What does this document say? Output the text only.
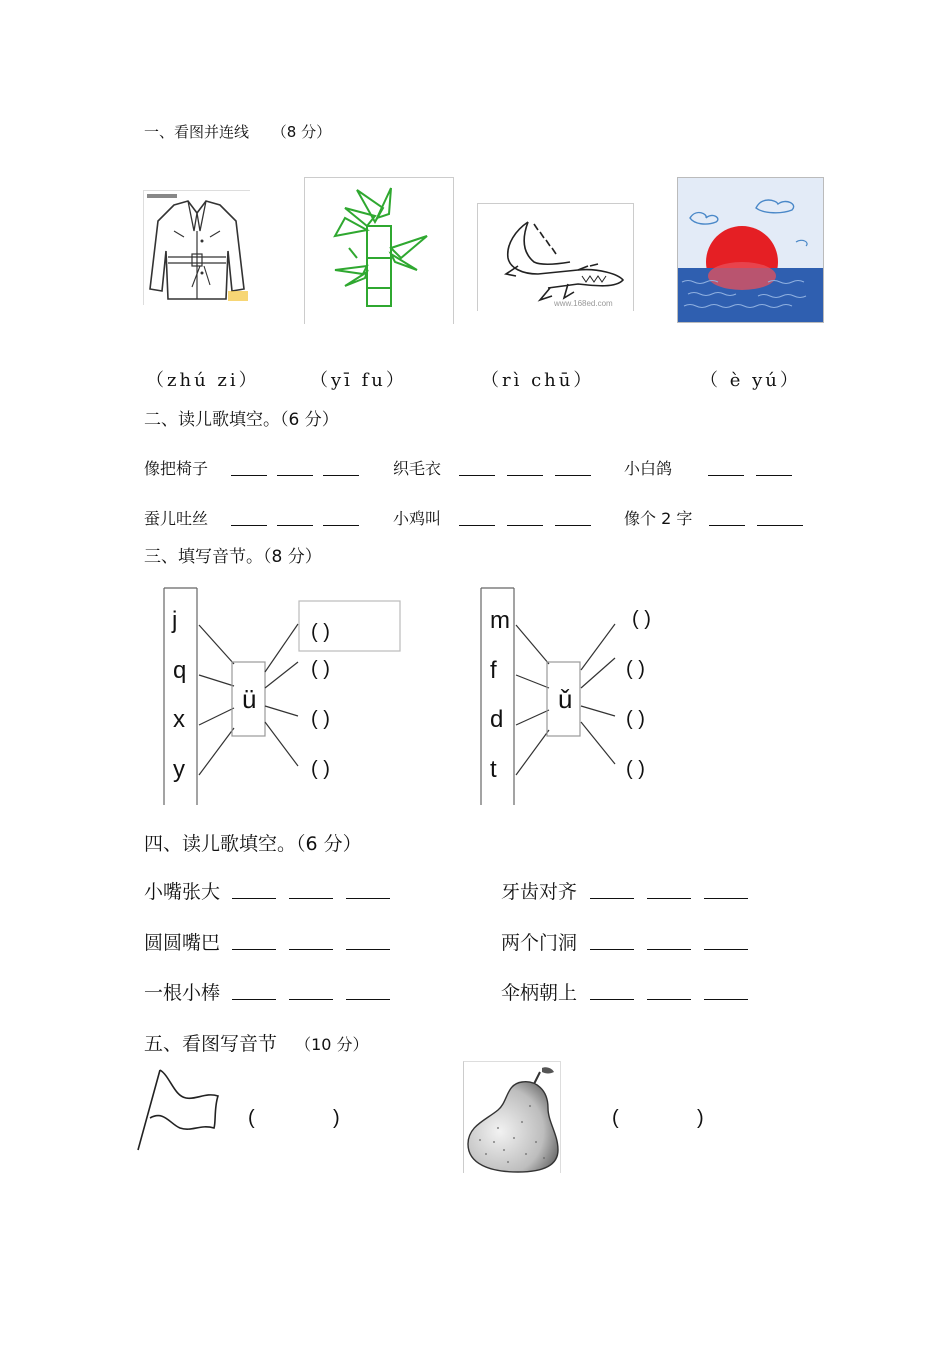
一、看图并连线 （8 分）
www.168ed.com
（zhú zi）	（yī fu）	（rì chū）	（ è yú）
二、读儿歌填空。（6 分）
像把椅子	织毛衣	小白鸽
蚕儿吐丝	小鸡叫	像个 2 字
三、填写音节。（8 分）
j
q
x
y
ü
( )
( )
( )
( )
m
f
d
t
ǔ
( )
( )
( )
( )
四、读儿歌填空。（6 分）
小嘴张大	牙齿对齐
圆圆嘴巴	两个门洞
一根小棒	伞柄朝上
五、看图写音节 （10 分）
(	)	(	)
